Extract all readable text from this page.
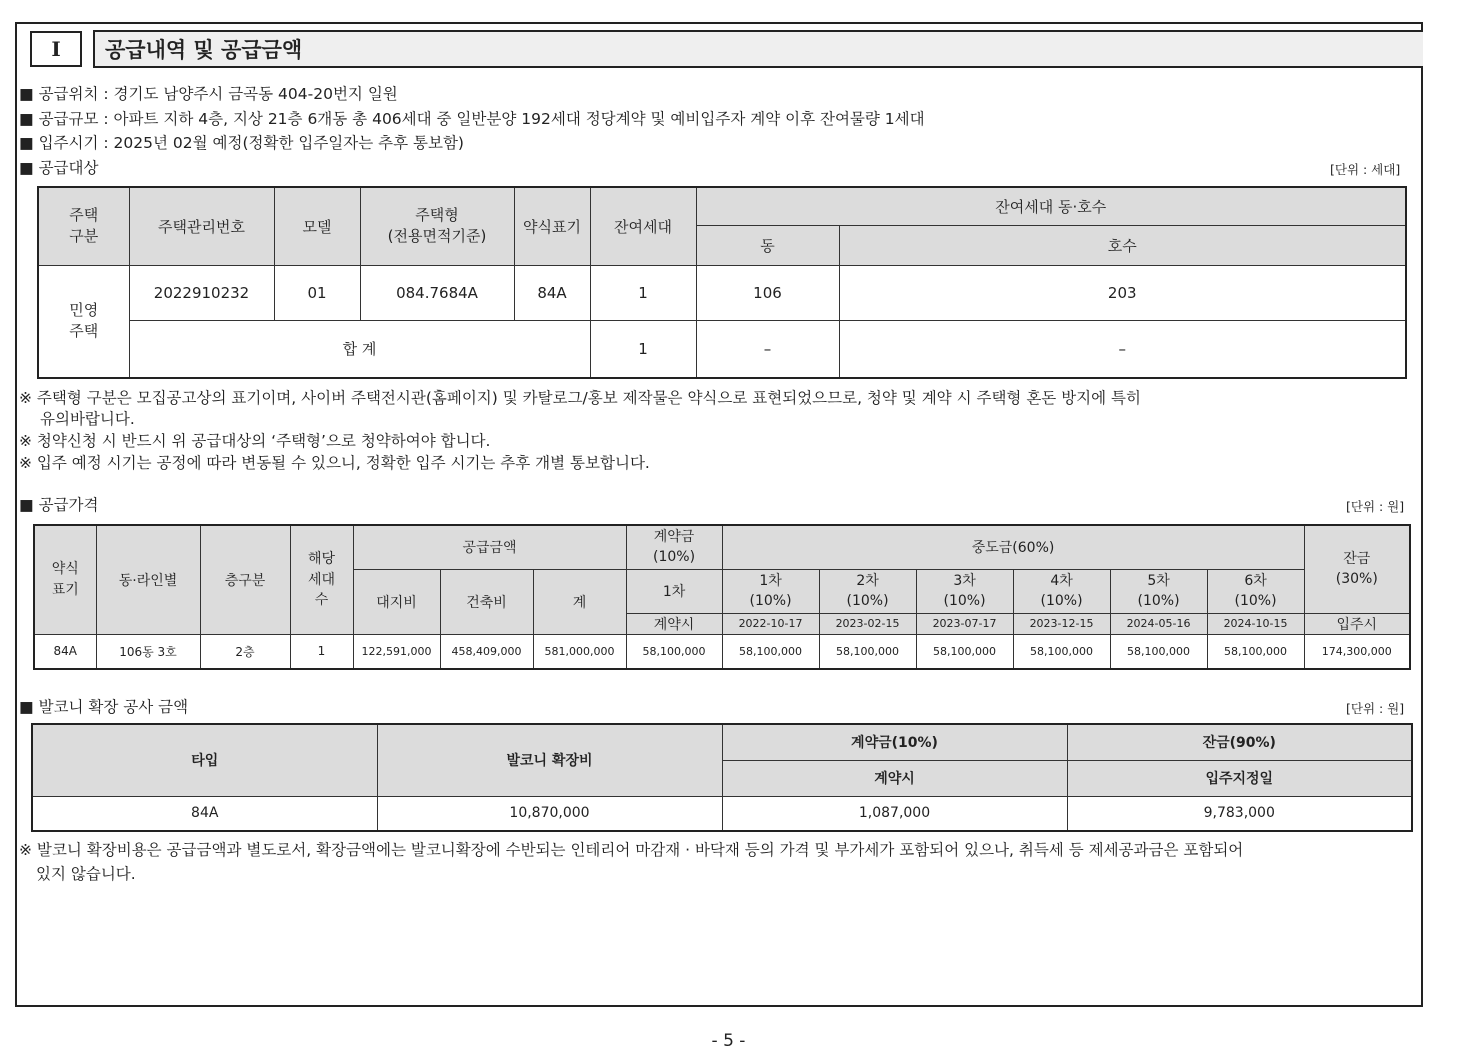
I	공급내역 및 공급금액
■ 공급위치 : 경기도 남양주시 금곡동 404-20번지 일원
■ 공급규모 : 아파트 지하 4층, 지상 21층 6개동 총 406세대 중 일반분양 192세대 정당계약 및 예비입주자 계약 이후 잔여물량 1세대
■ 입주시기 : 2025년 02월 예정(정확한 입주일자는 추후 통보함)
■ 공급대상	[단위 : 세대]
주택
구분	주택관리번호	모델	주택형
(전용면적기준)	약식표기	잔여세대	잔여세대 동·호수	
						동	호수
민영
주택	2022910232	01	084.7684A	84A	1	106	203
	합 계				1	–	–
※ 주택형 구분은 모집공고상의 표기이며, 사이버 주택전시관(홈페이지) 및 카탈로그/홍보 제작물은 약식으로 표현되었으므로, 청약 및 계약 시 주택형 혼돈 방지에 특히
유의바랍니다.
※ 청약신청 시 반드시 위 공급대상의 ‘주택형’으로 청약하여야 합니다.
※ 입주 예정 시기는 공정에 따라 변동될 수 있으니, 정확한 입주 시기는 추후 개별 통보합니다.
■ 공급가격	[단위 : 원]
약식
표기	동·라인별	층구분	해당
세대
수	공급금액			계약금
(10%)	중도금(60%)						잔금
(30%)
				대지비	건축비	계	1차	1차
(10%)	2차
(10%)	3차
(10%)	4차
(10%)	5차
(10%)	6차
(10%)	
							계약시	2022-10-17	2023-02-15	2023-07-17	2023-12-15	2024-05-16	2024-10-15	입주시
84A	106동 3호	2층	1	122,591,000	458,409,000	581,000,000	58,100,000	58,100,000	58,100,000	58,100,000	58,100,000	58,100,000	58,100,000	174,300,000
■ 발코니 확장 공사 금액	[단위 : 원]
타입	발코니 확장비	계약금(10%)	잔금(90%)
		계약시	입주지정일
84A	10,870,000	1,087,000	9,783,000
※ 발코니 확장비용은 공급금액과 별도로서, 확장금액에는 발코니확장에 수반되는 인테리어 마감재 · 바닥재 등의 가격 및 부가세가 포함되어 있으나, 취득세 등 제세공과금은 포함되어
있지 않습니다.
- 5 -
